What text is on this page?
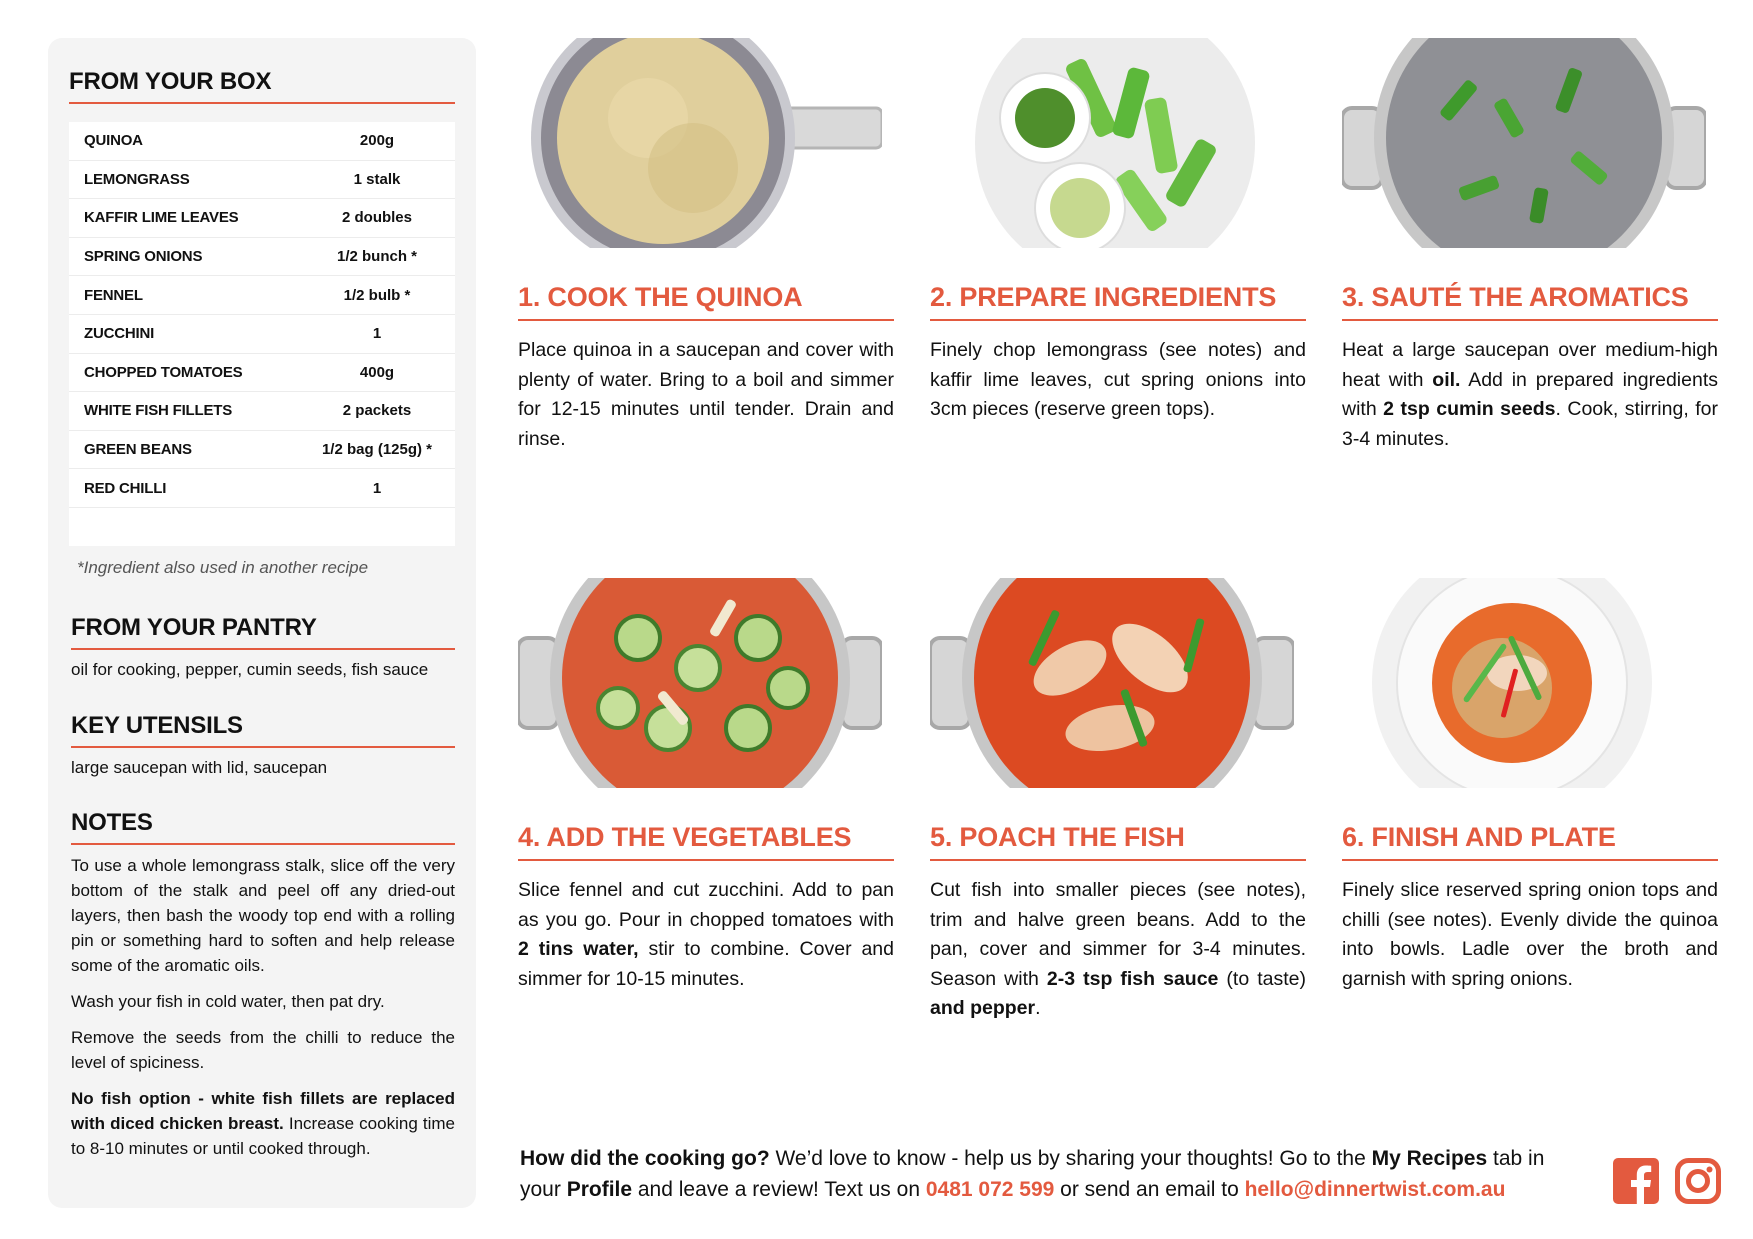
FROM YOUR BOX
QUINOA	200g
LEMONGRASS	1 stalk
KAFFIR LIME LEAVES	2 doubles
SPRING ONIONS	1/2 bunch *
FENNEL	1/2 bulb *
ZUCCHINI	1
CHOPPED TOMATOES	400g
WHITE FISH FILLETS	2 packets
GREEN BEANS	1/2 bag (125g) *
RED CHILLI	1
*Ingredient also used in another recipe
FROM YOUR PANTRY
oil for cooking, pepper, cumin seeds, fish sauce
KEY UTENSILS
large saucepan with lid, saucepan
NOTES

To use a whole lemongrass stalk, slice off the very bottom of the stalk and peel off any dried-out layers, then bash the woody top end with a rolling pin or something hard to soften and help release some of the aromatic oils.

Wash your fish in cold water, then pat dry.

Remove the seeds from the chilli to reduce the level of spiciness.

No fish option - white fish fillets are replaced with diced chicken breast. Increase cooking time to 8-10 minutes or until cooked through.

1. COOK THE QUINOA
Place quinoa in a saucepan and cover with plenty of water. Bring to a boil and simmer for 12-15 minutes until tender. Drain and rinse.
2. PREPARE INGREDIENTS
Finely chop lemongrass (see notes) and kaffir lime leaves, cut spring onions into 3cm pieces (reserve green tops).
3. SAUTÉ THE AROMATICS
Heat a large saucepan over medium-high heat with oil. Add in prepared ingredients with 2 tsp cumin seeds. Cook, stirring, for 3-4 minutes.
4. ADD THE VEGETABLES
Slice fennel and cut zucchini. Add to pan as you go. Pour in chopped tomatoes with 2 tins water, stir to combine. Cover and simmer for 10-15 minutes.
5. POACH THE FISH
Cut fish into smaller pieces (see notes), trim and halve green beans. Add to the pan, cover and simmer for 3-4 minutes. Season with 2-3 tsp fish sauce (to taste) and pepper.
6. FINISH AND PLATE
Finely slice reserved spring onion tops and chilli (see notes). Evenly divide the quinoa into bowls. Ladle over the broth and garnish with spring onions.
How did the cooking go? We’d love to know - help us by sharing your thoughts! Go to the My Recipes tab in your Profile and leave a review! Text us on 0481 072 599 or send an email to hello@dinnertwist.com.au
